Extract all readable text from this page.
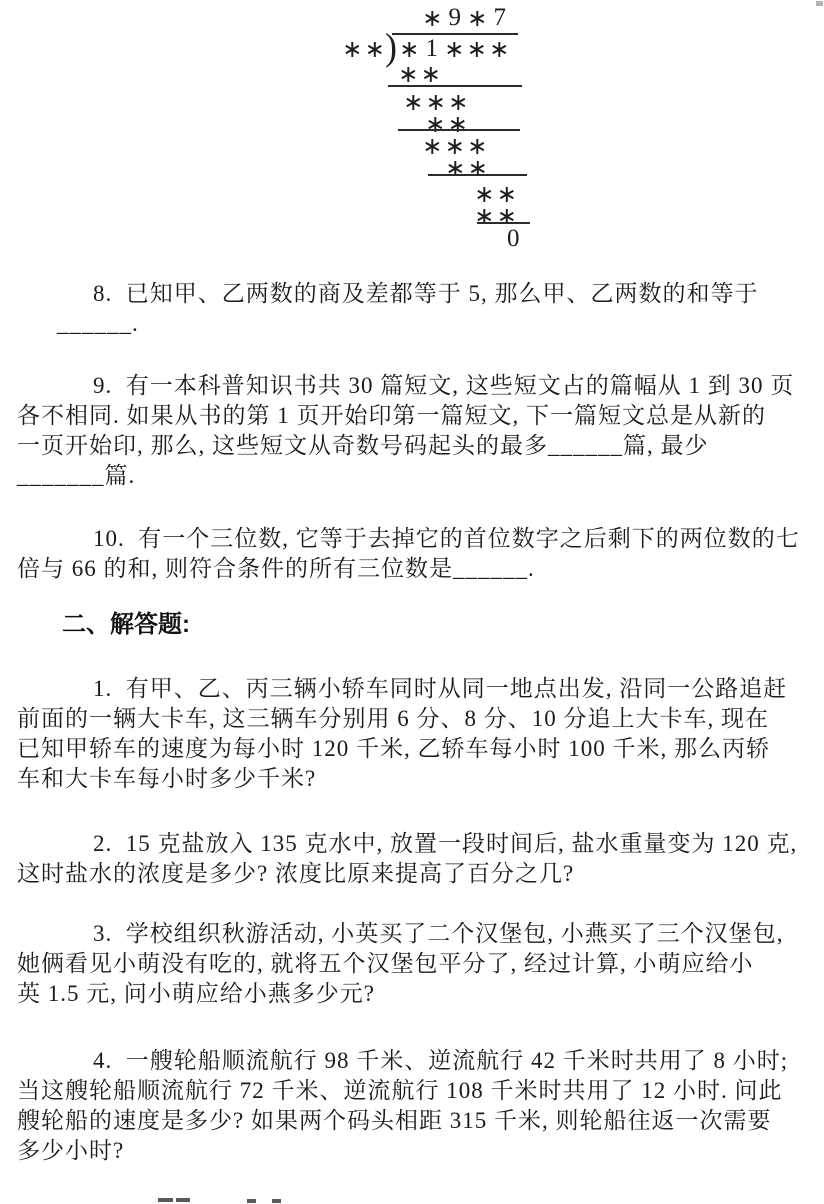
)
∗ 9 ∗ 7
∗ ∗ ∗ 1 ∗ ∗ ∗
∗ ∗
∗ ∗ ∗
∗ ∗
∗ ∗ ∗
∗ ∗
∗ ∗
∗ ∗
0
8.  已知甲、乙两数的商及差都等于 5, 那么甲、乙两数的和等于
______.
9.  有一本科普知识书共 30 篇短文, 这些短文占的篇幅从 1 到 30 页
各不相同. 如果从书的第 1 页开始印第一篇短文, 下一篇短文总是从新的
一页开始印, 那么, 这些短文从奇数号码起头的最多______篇, 最少
_______篇.
10.  有一个三位数, 它等于去掉它的首位数字之后剩下的两位数的七
倍与 66 的和, 则符合条件的所有三位数是______.
二、解答题:
1.  有甲、乙、丙三辆小轿车同时从同一地点出发, 沿同一公路追赶
前面的一辆大卡车, 这三辆车分别用 6 分、8 分、10 分追上大卡车, 现在
已知甲轿车的速度为每小时 120 千米, 乙轿车每小时 100 千米, 那么丙轿
车和大卡车每小时多少千米?
2.  15 克盐放入 135 克水中, 放置一段时间后, 盐水重量变为 120 克,
这时盐水的浓度是多少? 浓度比原来提高了百分之几?
3.  学校组织秋游活动, 小英买了二个汉堡包, 小燕买了三个汉堡包,
她俩看见小萌没有吃的, 就将五个汉堡包平分了, 经过计算, 小萌应给小
英 1.5 元, 问小萌应给小燕多少元?
4.  一艘轮船顺流航行 98 千米、逆流航行 42 千米时共用了 8 小时;
当这艘轮船顺流航行 72 千米、逆流航行 108 千米时共用了 12 小时. 问此
艘轮船的速度是多少? 如果两个码头相距 315 千米, 则轮船往返一次需要
多少小时?
